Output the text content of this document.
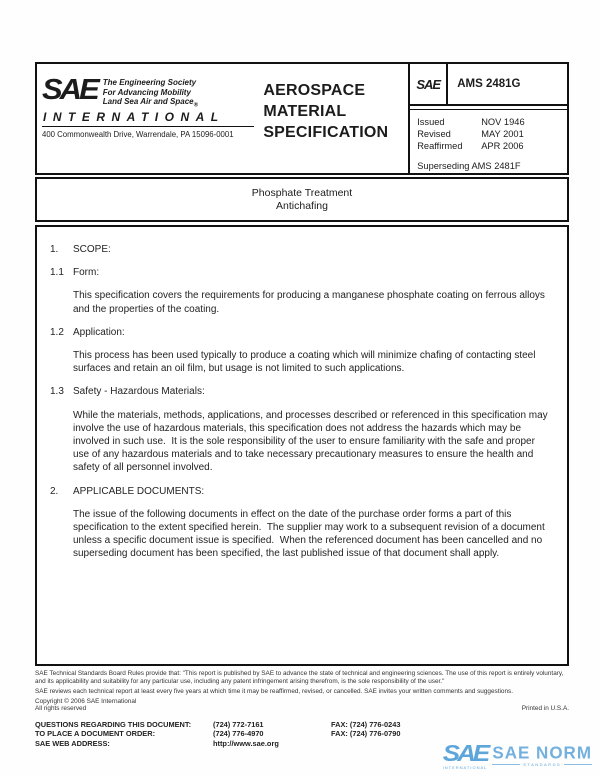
SAE The Engineering Society
For Advancing Mobility
Land Sea Air and Space$_®$
INTERNATIONAL
400 Commonwealth Drive, Warrendale, PA 15096-0001
AEROSPACE
MATERIAL
SPECIFICATION
SAE	AMS 2481G
Issued	NOV 1946
Revised	MAY 2001
Reaffirmed	APR 2006
Superseding AMS 2481F
Phosphate Treatment
Antichafing
1.	SCOPE:
1.1 Form:
This specification covers the requirements for producing a manganese phosphate coating on ferrous alloys and the properties of the coating.
1.2 Application:
This process has been used typically to produce a coating which will minimize chafing of contacting steel surfaces and retain an oil film, but usage is not limited to such applications.
1.3 Safety - Hazardous Materials:
While the materials, methods, applications, and processes described or referenced in this specification may involve the use of hazardous materials, this specification does not address the hazards which may be involved in such use.  It is the sole responsibility of the user to ensure familiarity with the safe and proper use of any hazardous materials and to take necessary precautionary measures to ensure the health and safety of all personnel involved.
2.	APPLICABLE DOCUMENTS:
The issue of the following documents in effect on the date of the purchase order forms a part of this specification to the extent specified herein.  The supplier may work to a subsequent revision of a document unless a specific document issue is specified.  When the referenced document has been cancelled and no superseding document has been specified, the last published issue of that document shall apply.
SAE Technical Standards Board Rules provide that: "This report is published by SAE to advance the state of technical and engineering sciences. The use of this report is entirely voluntary, and its applicability and suitability for any particular use, including any patent infringement arising therefrom, is the sole responsibility of the user."
SAE reviews each technical report at least every five years at which time it may be reaffirmed, revised, or cancelled. SAE invites your written comments and suggestions.
Copyright © 2006 SAE International
All rights reserved	Printed in U.S.A.
QUESTIONS REGARDING THIS DOCUMENT:	(724) 772-7161	FAX: (724) 776-0243
TO PLACE A DOCUMENT ORDER:	(724) 776-4970	FAX: (724) 776-0790
SAE WEB ADDRESS:	http://www.sae.org	SAE
INTERNATIONAL
SAE NORM
STANDARDS
